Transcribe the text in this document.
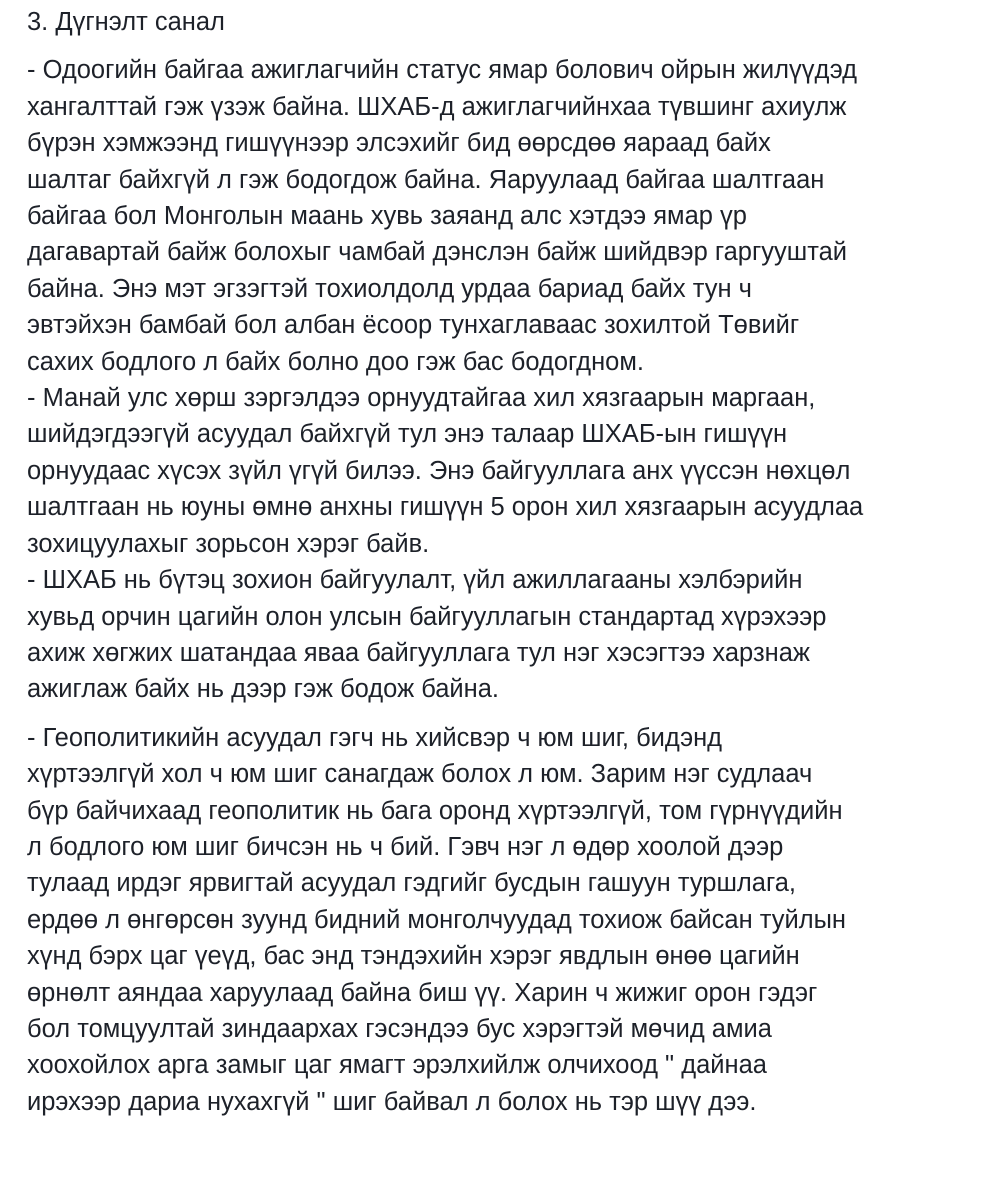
3. Дүгнэлт санал

- Одоогийн байгаа ажиглагчийн статус ямар болович ойрын жилүүдэд
хангалттай гэж үзэж байна. ШХАБ-д ажиглагчийнхаа түвшинг ахиулж
бүрэн хэмжээнд гишүүнээр элсэхийг бид өөрсдөө яараад байх
шалтаг байхгүй л гэж бодогдож байна. Яаруулаад байгаа шалтгаан
байгаа бол Монголын маань хувь заяанд алс хэтдээ ямар үр
дагавартай байж болохыг чамбай дэнслэн байж шийдвэр гаргууштай
байна. Энэ мэт эгзэгтэй тохиолдолд урдаа бариад байх тун ч
эвтэйхэн бамбай бол албан ёсоор тунхаглаваас зохилтой Төвийг
сахих бодлого л байх болно доо гэж бас бодогдном.

- Манай улс хөрш зэргэлдээ орнуудтайгаа хил хязгаарын маргаан,
шийдэгдээгүй асуудал байхгүй тул энэ талаар ШХАБ-ын гишүүн
орнуудаас хүсэх зүйл үгүй билээ. Энэ байгууллага анх үүссэн нөхцөл
шалтгаан нь юуны өмнө анхны гишүүн 5 орон хил хязгаарын асуудлаа
зохицуулахыг зорьсон хэрэг байв.

- ШХАБ нь бүтэц зохион байгуулалт, үйл ажиллагааны хэлбэрийн
хувьд орчин цагийн олон улсын байгууллагын стандартад хүрэхээр
ахиж хөгжих шатандаа яваа байгууллага тул нэг хэсэгтээ харзнаж
ажиглаж байх нь дээр гэж бодож байна.

- Геополитикийн асуудал гэгч нь хийсвэр ч юм шиг, бидэнд
хүртээлгүй хол ч юм шиг санагдаж болох л юм. Зарим нэг судлаач
бүр байчихаад геополитик нь бага оронд хүртээлгүй, том гүрнүүдийн
л бодлого юм шиг бичсэн нь ч бий. Гэвч нэг л өдөр хоолой дээр
тулаад ирдэг ярвигтай асуудал гэдгийг бусдын гашуун туршлага,
ердөө л өнгөрсөн зуунд бидний монголчуудад тохиож байсан туйлын
хүнд бэрх цаг үеүд, бас энд тэндэхийн хэрэг явдлын өнөө цагийн
өрнөлт аяндаа харуулаад байна биш үү. Харин ч жижиг орон гэдэг
бол томцуултай зиндаархах гэсэндээ бус хэрэгтэй мөчид амиа
хоохойлох арга замыг цаг ямагт эрэлхийлж олчихоод " дайнаа
ирэхээр дариа нухахгүй " шиг байвал л болох нь тэр шүү дээ.
